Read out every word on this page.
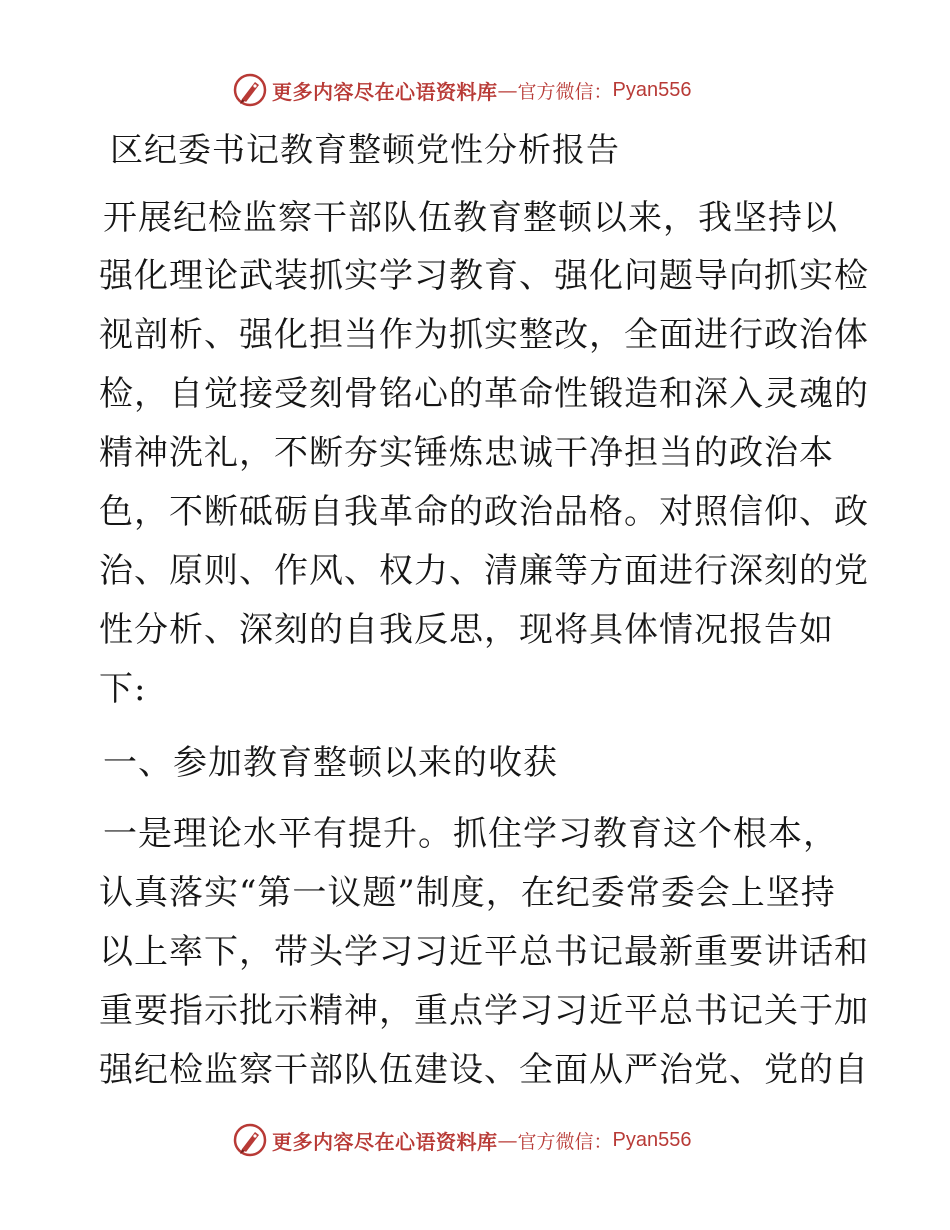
更多内容尽在心语资料库 — 官方微信： Pyan556
区纪委书记教育整顿党性分析报告
开展纪检监察干部队伍教育整顿以来，我坚持以
强化理论武装抓实学习教育、强化问题导向抓实检
视剖析、强化担当作为抓实整改，全面进行政治体
检，自觉接受刻骨铭心的革命性锻造和深入灵魂的
精神洗礼，不断夯实锤炼忠诚干净担当的政治本
色，不断砥砺自我革命的政治品格。对照信仰、政
治、原则、作风、权力、清廉等方面进行深刻的党
性分析、深刻的自我反思，现将具体情况报告如
下:
一、参加教育整顿以来的收获
一是理论水平有提升。抓住学习教育这个根本，
认真落实“第一议题”制度，在纪委常委会上坚持
以上率下，带头学习习近平总书记最新重要讲话和
重要指示批示精神，重点学习习近平总书记关于加
强纪检监察干部队伍建设、全面从严治党、党的自
更多内容尽在心语资料库 — 官方微信： Pyan556
